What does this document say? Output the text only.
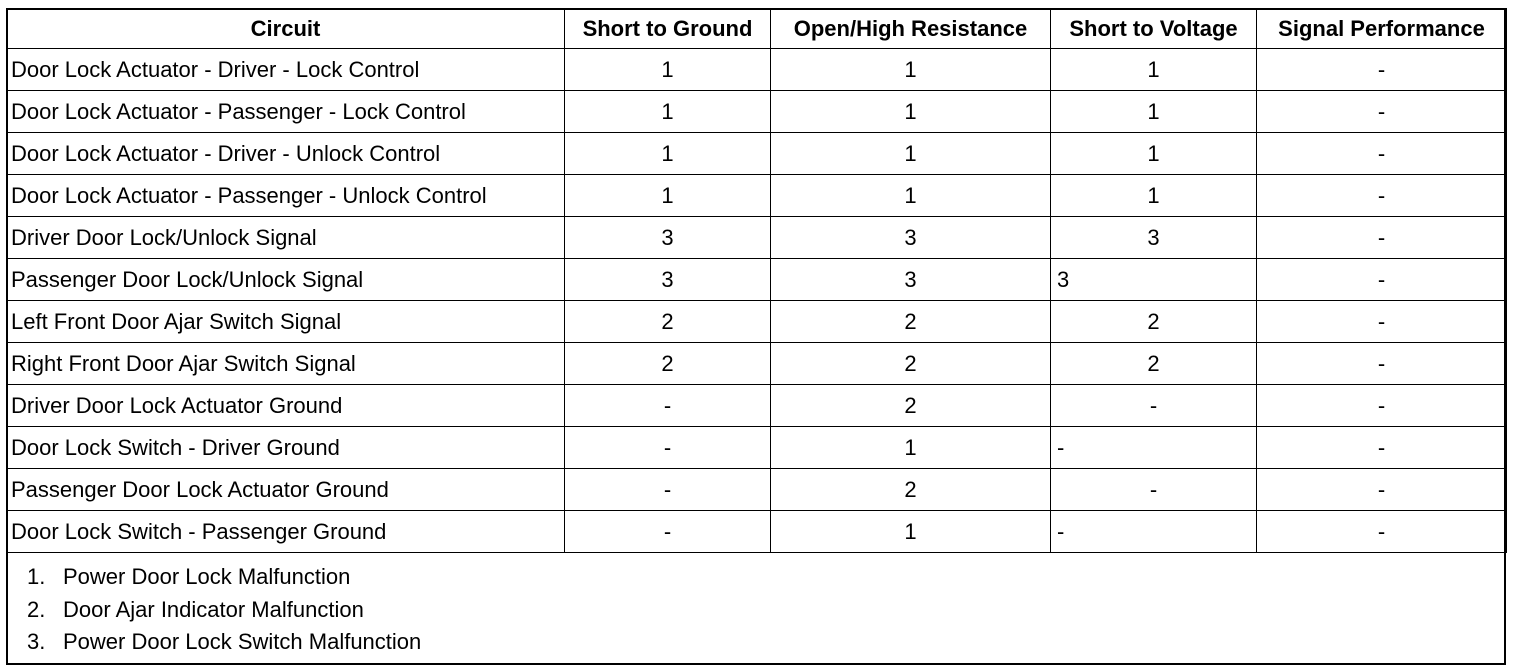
Circuit	Short to Ground	Open/High Resistance	Short to Voltage	Signal Performance
Door Lock Actuator - Driver - Lock Control	1	1	1	-
Door Lock Actuator - Passenger - Lock Control	1	1	1	-
Door Lock Actuator - Driver - Unlock Control	1	1	1	-
Door Lock Actuator - Passenger - Unlock Control	1	1	1	-
Driver Door Lock/Unlock Signal	3	3	3	-
Passenger Door Lock/Unlock Signal	3	3	3	-
Left Front Door Ajar Switch Signal	2	2	2	-
Right Front Door Ajar Switch Signal	2	2	2	-
Driver Door Lock Actuator Ground	-	2	-	-
Door Lock Switch - Driver Ground	-	1	-	-
Passenger Door Lock Actuator Ground	-	2	-	-
Door Lock Switch - Passenger Ground	-	1	-	-
1. Power Door Lock Malfunction
2. Door Ajar Indicator Malfunction
3. Power Door Lock Switch Malfunction
